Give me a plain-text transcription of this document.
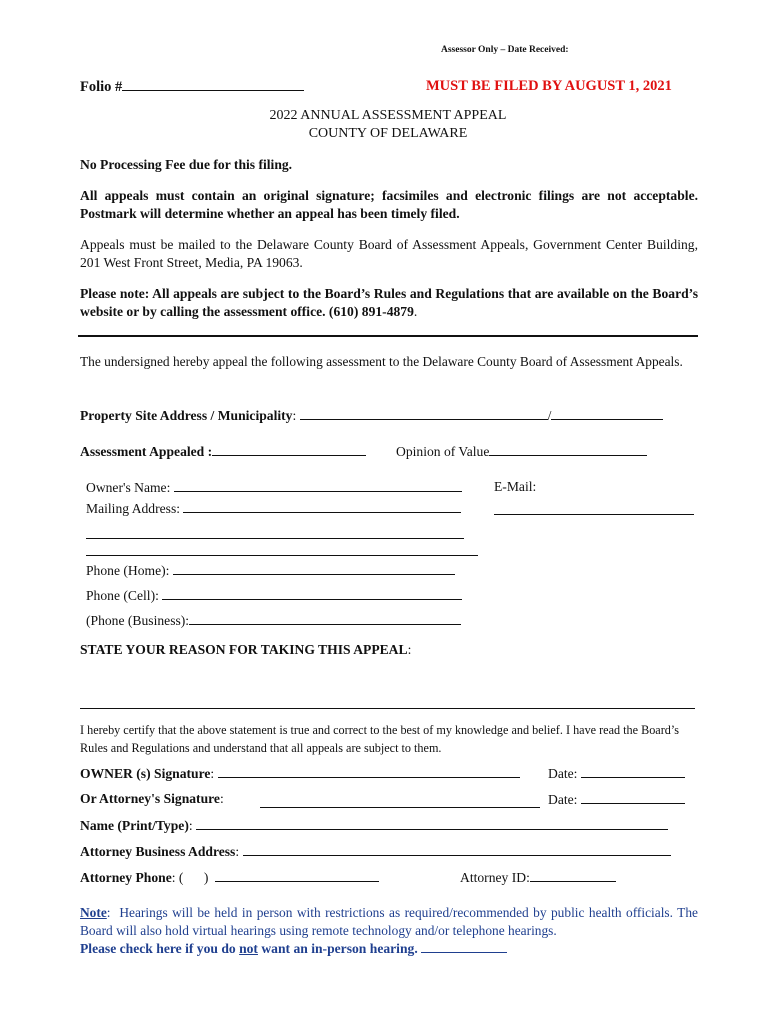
Assessor Only – Date Received:
Folio #	MUST BE FILED BY AUGUST 1, 2021
2022 ANNUAL ASSESSMENT APPEAL
COUNTY OF DELAWARE
No Processing Fee due for this filing.
All appeals must contain an original signature; facsimiles and electronic filings are not acceptable. Postmark will determine whether an appeal has been timely filed.
Appeals must be mailed to the Delaware County Board of Assessment Appeals, Government Center Building, 201 West Front Street, Media, PA 19063.
Please note: All appeals are subject to the Board’s Rules and Regulations that are available on the Board’s website or by calling the assessment office. (610) 891-4879.
The undersigned hereby appeal the following assessment to the Delaware County Board of Assessment Appeals.
Property Site Address / Municipality:	/
Assessment Appealed :	Opinion of Value
Owner's Name:	E-Mail:
Mailing Address:
Phone (Home):
Phone (Cell):
(Phone (Business):
STATE YOUR REASON FOR TAKING THIS APPEAL:
I hereby certify that the above statement is true and correct to the best of my knowledge and belief. I have read the Board’s Rules and Regulations and understand that all appeals are subject to them.
OWNER (s) Signature:	Date:
Or Attorney's Signature:	Date:
Name (Print/Type):
Attorney Business Address:
Attorney Phone: (      )	Attorney ID:
Note:  Hearings will be held in person with restrictions as required/recommended by public health officials. The Board will also hold virtual hearings using remote technology and/or telephone hearings.
Please check here if you do not want an in-person hearing.
